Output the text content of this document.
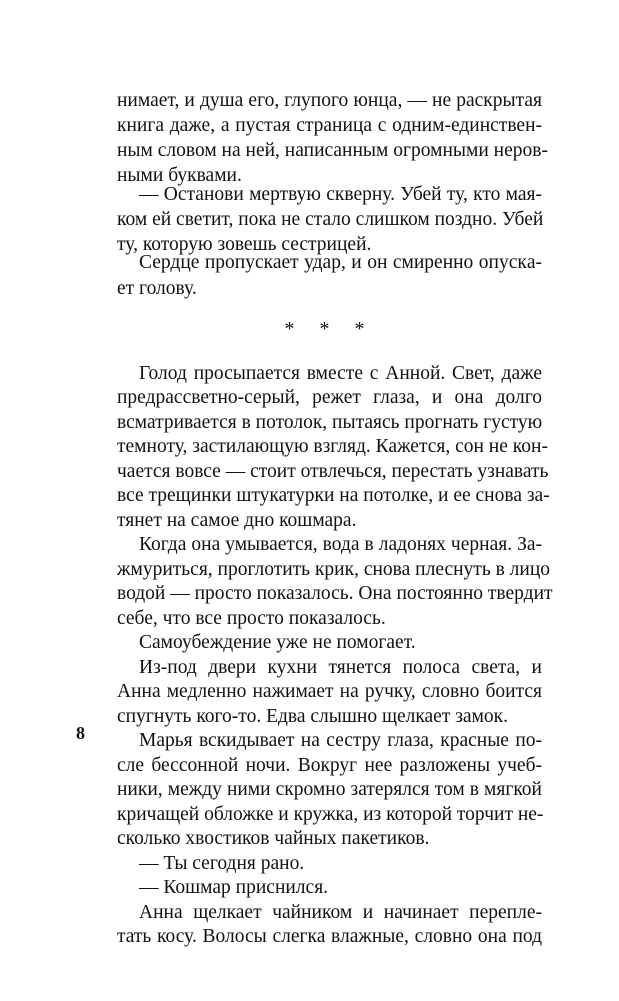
8
нимает, и душа его, глупого юнца, — не раскрытая
книга даже, а пустая страница с одним-единствен-
ным словом на ней, написанным огромными неров-
ными буквами.
— Останови мертвую скверну. Убей ту, кто мая-
ком ей светит, пока не стало слишком поздно. Убей
ту, которую зовешь сестрицей.
Сердце пропускает удар, и он смиренно опускa-
ет голову.
* * *
Голод просыпается вместе с Анной. Свет, даже
предрассветно-серый, режет глаза, и она долго
всматривается в потолок, пытаясь прогнать густую
темноту, застилающую взгляд. Кажется, сон не кон-
чается вовсе — стоит отвлечься, перестать узнавать
все трещинки штукатурки на потолке, и ее снова за-
тянет на самое дно кошмара.
Когда она умывается, вода в ладонях черная. За-
жмуриться, проглотить крик, снова плеснуть в лицо
водой — просто показалось. Она постоянно твердит
себе, что все просто показалось.
Самоубеждение уже не помогает.
Из-под двери кухни тянется полоса света, и
Анна медленно нажимает на ручку, словно боится
спугнуть кого-то. Едва слышно щелкает замок.
Марья вскидывает на сестру глаза, красные по-
сле бессонной ночи. Вокруг нее разложены учеб-
ники, между ними скромно затерялся том в мягкой
кричащей обложке и кружка, из которой торчит не-
сколько хвостиков чайных пакетиков.
— Ты сегодня рано.
— Кошмар приснился.
Анна щелкает чайником и начинает перепле-
тать косу. Волосы слегка влажные, словно она под
